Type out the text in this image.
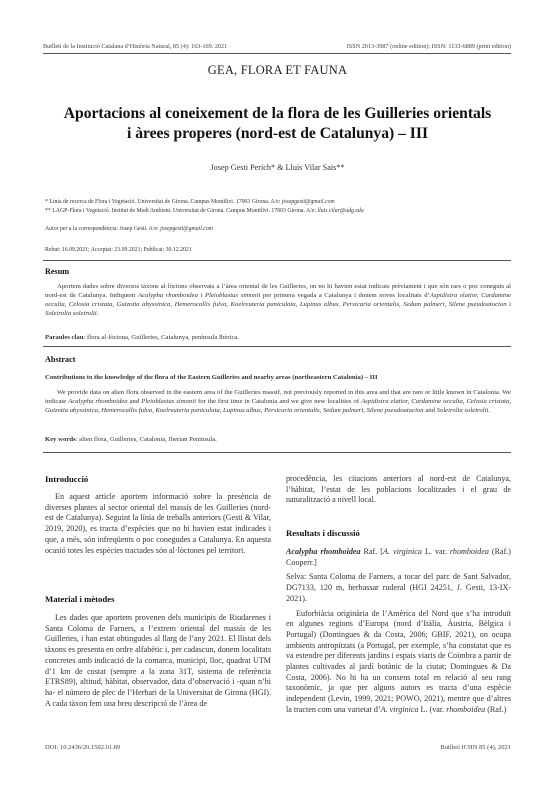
Butlletí de la Institució Catalana d’Història Natural, 85 (4): 163-169. 2021	ISSN 2013-3987 (online edition): ISSN: 1133-6889 (print edition)
GEA, FLORA ET FAUNA
Aportacions al coneixement de la flora de les Guilleries orientals
i àrees properes (nord-est de Catalunya) – III
Josep Gesti Perich* & Lluís Vilar Sais**
* Línia de recerca de Flora i Vegetació. Universitat de Girona. Campus Montilivi. 17003 Girona. A/e: josepgesti@gmail.com
** LAGP-Flora i Vegetació. Institut de Medi Ambient. Universitat de Girona. Campus Montilivi. 17003 Girona. A/e: lluis.vilar@udg.edu
Autor per a la correspondència: Josep Gesti. A/e: josepgesti@gmail.com
Rebut: 16.09.2021; Acceptat: 23.09.2021; Publicat: 30.12.2021
Resum
Aportem dades sobre diversos tàxons al·lòctons observats a l’àrea oriental de les Guilleries, on no hi havien estat indicats prèviament i que són rars o poc coneguts al nord-est de Catalunya. Indiquem Acalypha rhomboidea i Pleioblastus simonii per primera vegada a Catalunya i donem noves localitats d’Aspidistra elatior, Cardamine occulta, Celosia cristata, Guizotia abyssinica, Hemerocallis fulva, Koelreuteria paniculata, Lupinus albus, Persicaria orientalis, Sedum palmeri, Silene pseudoatocion i Soleirolia soleirolii.
Paraules clau: flora al·lòctona, Guilleries, Catalunya, península Ibèrica.
Abstract
Contributions to the knowledge of the flora of the Eastern Guilleries and nearby areas (northeastern Catalonia) – III
We provide data on alien flora observed in the eastern area of the Guilleries massif, not previously reported in this area and that are rare or little known in Catalonia. We indicate Acalypha rhomboidea and Pleioblastus simonii for the first time in Catalonia and we give new localities of Aspidistra elatior, Cardamine occulta, Celosia cristata, Guizotia abyssinica, Hemerocallis fulva, Koelreuteria paniculata, Lupinus albus, Persicaria orientalis, Sedum palmeri, Silene pseudoatocion and Soleirolia soleirolii.
Key words: alien flora, Guilleries, Catalonia, Iberian Peninsula.
Introducció

En aquest article aportem informació sobre la presència de diverses plantes al sector oriental del massís de les Guilleries (nord-est de Catalunya). Seguint la línia de treballs anteriors (Gesti & Vilar, 2019, 2020), es tracta d’espècies que no hi havien estat indicades i que, a més, són infreqüents o poc conegudes a Catalunya. En aquesta ocasió totes les espècies tractades són al·lòctones pel territori.

Material i mètodes

Les dades que aportem provenen dels municipis de Riudarenes i Santa Coloma de Farners, a l’extrem oriental del massís de les Guilleries, i han estat obtingudes al llarg de l’any 2021. El llistat dels tàxons es presenta en ordre alfabètic i, per cadascun, donem localitats concretes amb indicació de la comarca, municipi, lloc, quadrat UTM d’1 km de costat (sempre a la zona 31T, sistema de referència ETRS89), altitud, hàbitat, observador, data d’observació i -quan n’hi ha- el número de plec de l’Herbari de la Universitat de Girona (HGI). A cada tàxon fem una breu descripció de l’àrea de

procedència, les citacions anteriors al nord-est de Catalunya, l’hàbitat, l’estat de les poblacions localitzades i el grau de naturalització a nivell local.

Resultats i discussió

Acalypha rhomboidea Raf. [A. virginica L. var. rhomboidea (Raf.) Cooperr.]

Selva: Santa Coloma de Farners, a tocar del parc de Sant Salvador, DG7133, 120 m, herbassar ruderal (HGI 24251, J. Gesti, 13-IX-2021).

Euforbiàcia originària de l’Amèrica del Nord que s’ha introduït en algunes regions d’Europa (nord d’Itàlia, Àustria, Bèlgica i Portugal) (Domingues & da Costa, 2006; GBIF, 2021), on ocupa ambients antropitzats (a Portugal, per exemple, s’ha constatat que es va estendre per diferents jardins i espais viaris de Coimbra a partir de plantes cultivades al jardí botànic de la ciutat; Domingues & Da Costa, 2006). No hi ha un consens total en relació al seu rang taxonòmic, ja que per alguns autors es tracta d’una espècie independent (Levin, 1999, 2021; POWO, 2021), mentre que d’altres la tracten com una varietat d’A. virginica L. (var. rhomboidea (Raf.)

DOI: 10.2436/20.1502.01.89	Butlletí ICHN 85 (4), 2021
